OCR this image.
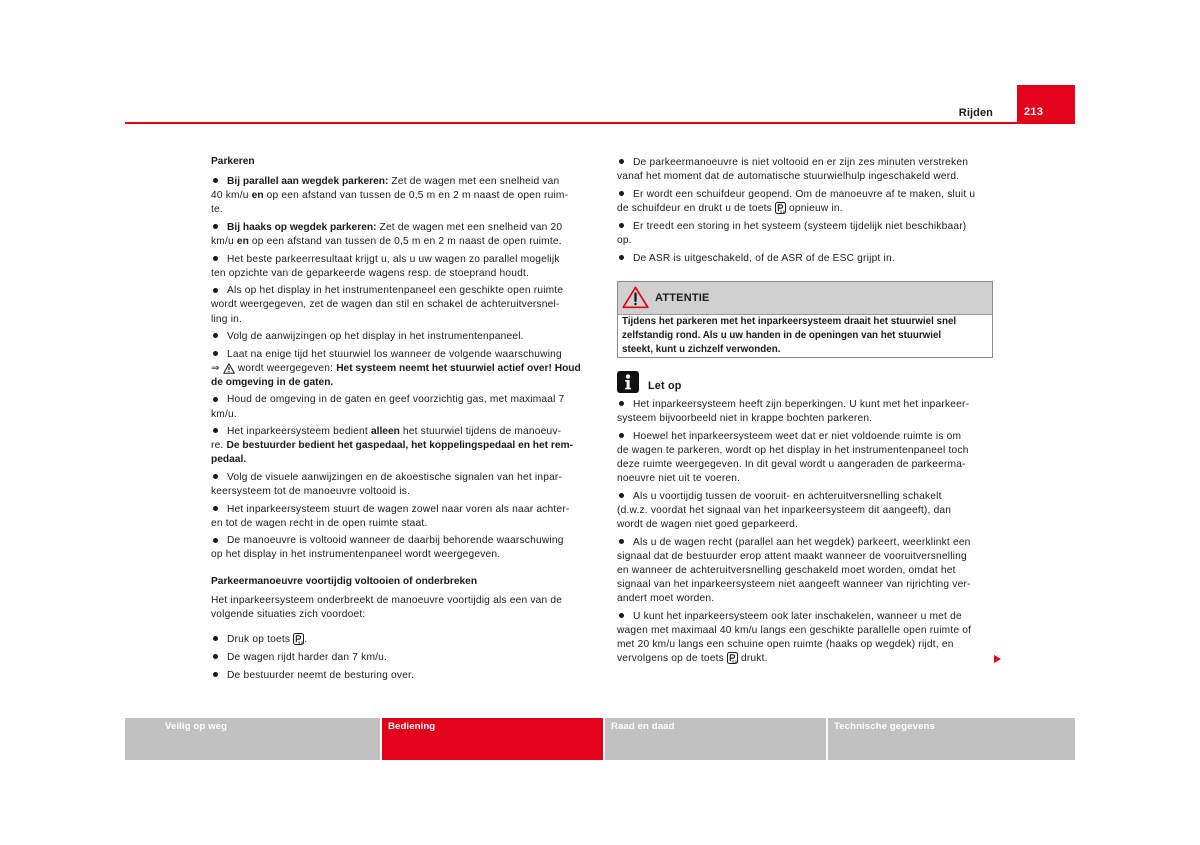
Rijden	213
Parkeren
Bij parallel aan wegdek parkeren: Zet de wagen met een snelheid van
40 km/u en op een afstand van tussen de 0,5 m en 2 m naast de open ruim-
te.
Bij haaks op wegdek parkeren: Zet de wagen met een snelheid van 20
km/u en op een afstand van tussen de 0,5 m en 2 m naast de open ruimte.
Het beste parkeerresultaat krijgt u, als u uw wagen zo parallel mogelijk
ten opzichte van de geparkeerde wagens resp. de stoeprand houdt.
Als op het display in het instrumentenpaneel een geschikte open ruimte
wordt weergegeven, zet de wagen dan stil en schakel de achteruitversnel-
ling in.
Volg de aanwijzingen op het display in het instrumentenpaneel.
Laat na enige tijd het stuurwiel los wanneer de volgende waarschuwing
⇒  wordt weergegeven: Het systeem neemt het stuurwiel actief over! Houd
de omgeving in de gaten.
Houd de omgeving in de gaten en geef voorzichtig gas, met maximaal 7
km/u.
Het inparkeersysteem bedient alleen het stuurwiel tijdens de manoeuv-
re. De bestuurder bedient het gaspedaal, het koppelingspedaal en het rem-
pedaal.
Volg de visuele aanwijzingen en de akoestische signalen van het inpar-
keersysteem tot de manoeuvre voltooid is.
Het inparkeersysteem stuurt de wagen zowel naar voren als naar achter-
en tot de wagen recht in de open ruimte staat.
De manoeuvre is voltooid wanneer de daarbij behorende waarschuwing
op het display in het instrumentenpaneel wordt weergegeven.
Parkeermanoeuvre voortijdig voltooien of onderbreken
Het inparkeersysteem onderbreekt de manoeuvre voortijdig als een van de
volgende situaties zich voordoet:
Druk op toets .
De wagen rijdt harder dan 7 km/u.
De bestuurder neemt de besturing over.
De parkeermanoeuvre is niet voltooid en er zijn zes minuten verstreken
vanaf het moment dat de automatische stuurwielhulp ingeschakeld werd.
Er wordt een schuifdeur geopend. Om de manoeuvre af te maken, sluit u
de schuifdeur en drukt u de toets  opnieuw in.
Er treedt een storing in het systeem (systeem tijdelijk niet beschikbaar)
op.
De ASR is uitgeschakeld, of de ASR of de ESC grijpt in.
ATTENTIE
Tijdens het parkeren met het inparkeersysteem draait het stuurwiel snel
zelfstandig rond. Als u uw handen in de openingen van het stuurwiel
steekt, kunt u zichzelf verwonden.
Let op
Het inparkeersysteem heeft zijn beperkingen. U kunt met het inparkeer-
systeem bijvoorbeeld niet in krappe bochten parkeren.
Hoewel het inparkeersysteem weet dat er niet voldoende ruimte is om
de wagen te parkeren, wordt op het display in het instrumentenpaneel toch
deze ruimte weergegeven. In dit geval wordt u aangeraden de parkeerma-
noeuvre niet uit te voeren.
Als u voortijdig tussen de vooruit- en achteruitversnelling schakelt
(d.w.z. voordat het signaal van het inparkeersysteem dit aangeeft), dan
wordt de wagen niet goed geparkeerd.
Als u de wagen recht (parallel aan het wegdek) parkeert, weerklinkt een
signaal dat de bestuurder erop attent maakt wanneer de vooruitversnelling
en wanneer de achteruitversnelling geschakeld moet worden, omdat het
signaal van het inparkeersysteem niet aangeeft wanneer van rijrichting ver-
andert moet worden.
U kunt het inparkeersysteem ook later inschakelen, wanneer u met de
wagen met maximaal 40 km/u langs een geschikte parallelle open ruimte of
met 20 km/u langs een schuine open ruimte (haaks op wegdek) rijdt, en
vervolgens op de toets  drukt.
Veilig op weg	Bediening	Raad en daad	Technische gegevens
